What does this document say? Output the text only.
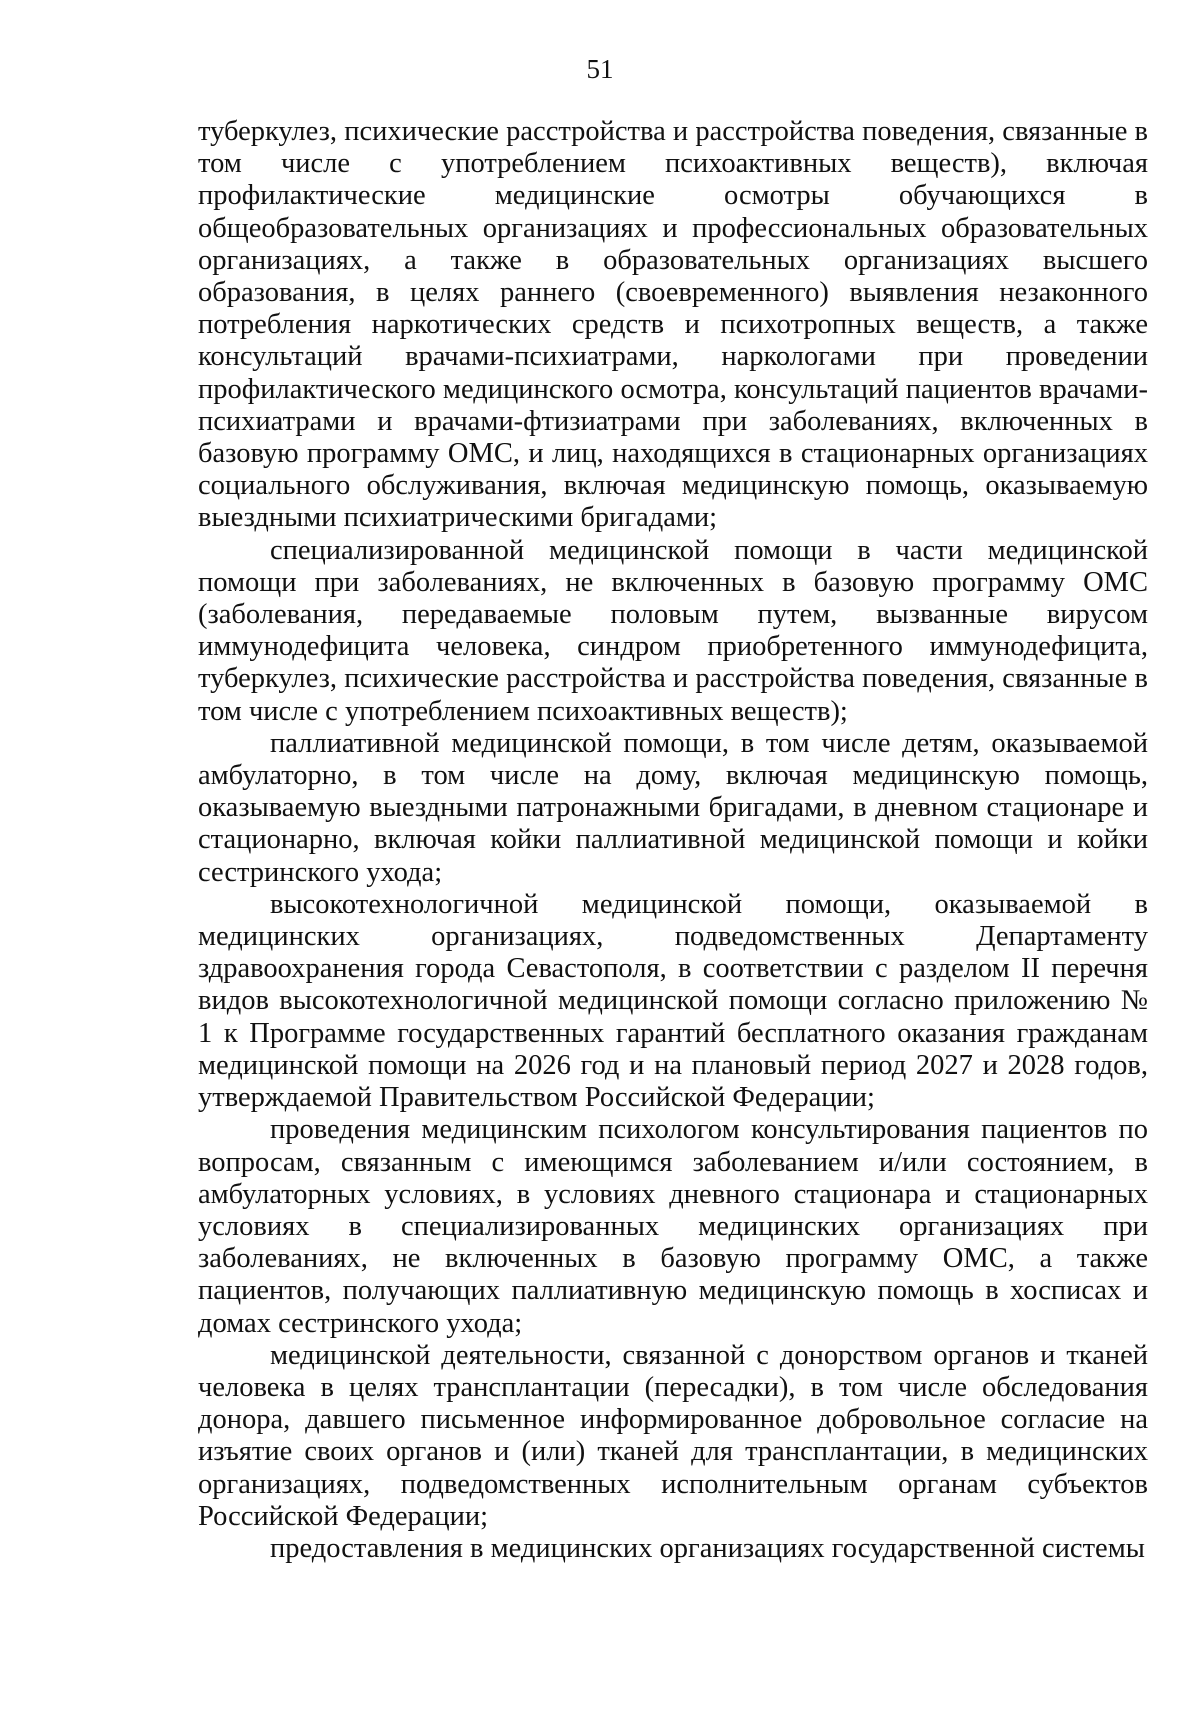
51

туберкулез, психические расстройства и расстройства поведения, связанные в том числе с употреблением психоактивных веществ), включая профилактические медицинские осмотры обучающихся в общеобразовательных организациях и профессиональных образовательных организациях, а также в образовательных организациях высшего образования, в целях раннего (своевременного) выявления незаконного потребления наркотических средств и психотропных веществ, а также консультаций врачами-психиатрами, наркологами при проведении профилактического медицинского осмотра, консультаций пациентов врачами-психиатрами и врачами-фтизиатрами при заболеваниях, включенных в базовую программу ОМС, и лиц, находящихся в стационарных организациях социального обслуживания, включая медицинскую помощь, оказываемую выездными психиатрическими бригадами;

специализированной медицинской помощи в части медицинской помощи при заболеваниях, не включенных в базовую программу ОМС (заболевания, передаваемые половым путем, вызванные вирусом иммунодефицита человека, синдром приобретенного иммунодефицита, туберкулез, психические расстройства и расстройства поведения, связанные в том числе с употреблением психоактивных веществ);

паллиативной медицинской помощи, в том числе детям, оказываемой амбулаторно, в том числе на дому, включая медицинскую помощь, оказываемую выездными патронажными бригадами, в дневном стационаре и стационарно, включая койки паллиативной медицинской помощи и койки сестринского ухода;

высокотехнологичной медицинской помощи, оказываемой в медицинских организациях, подведомственных Департаменту здравоохранения города Севастополя, в соответствии с разделом II перечня видов высокотехнологичной медицинской помощи согласно приложению № 1 к Программе государственных гарантий бесплатного оказания гражданам медицинской помощи на 2026 год и на плановый период 2027 и 2028 годов, утверждаемой Правительством Российской Федерации;

проведения медицинским психологом консультирования пациентов по вопросам, связанным с имеющимся заболеванием и/или состоянием, в амбулаторных условиях, в условиях дневного стационара и стационарных условиях в специализированных медицинских организациях при заболеваниях, не включенных в базовую программу ОМС, а также пациентов, получающих паллиативную медицинскую помощь в хосписах и домах сестринского ухода;

медицинской деятельности, связанной с донорством органов и тканей человека в целях трансплантации (пересадки), в том числе обследования донора, давшего письменное информированное добровольное согласие на изъятие своих органов и (или) тканей для трансплантации, в медицинских организациях, подведомственных исполнительным органам субъектов Российской Федерации;

предоставления в медицинских организациях государственной системы
